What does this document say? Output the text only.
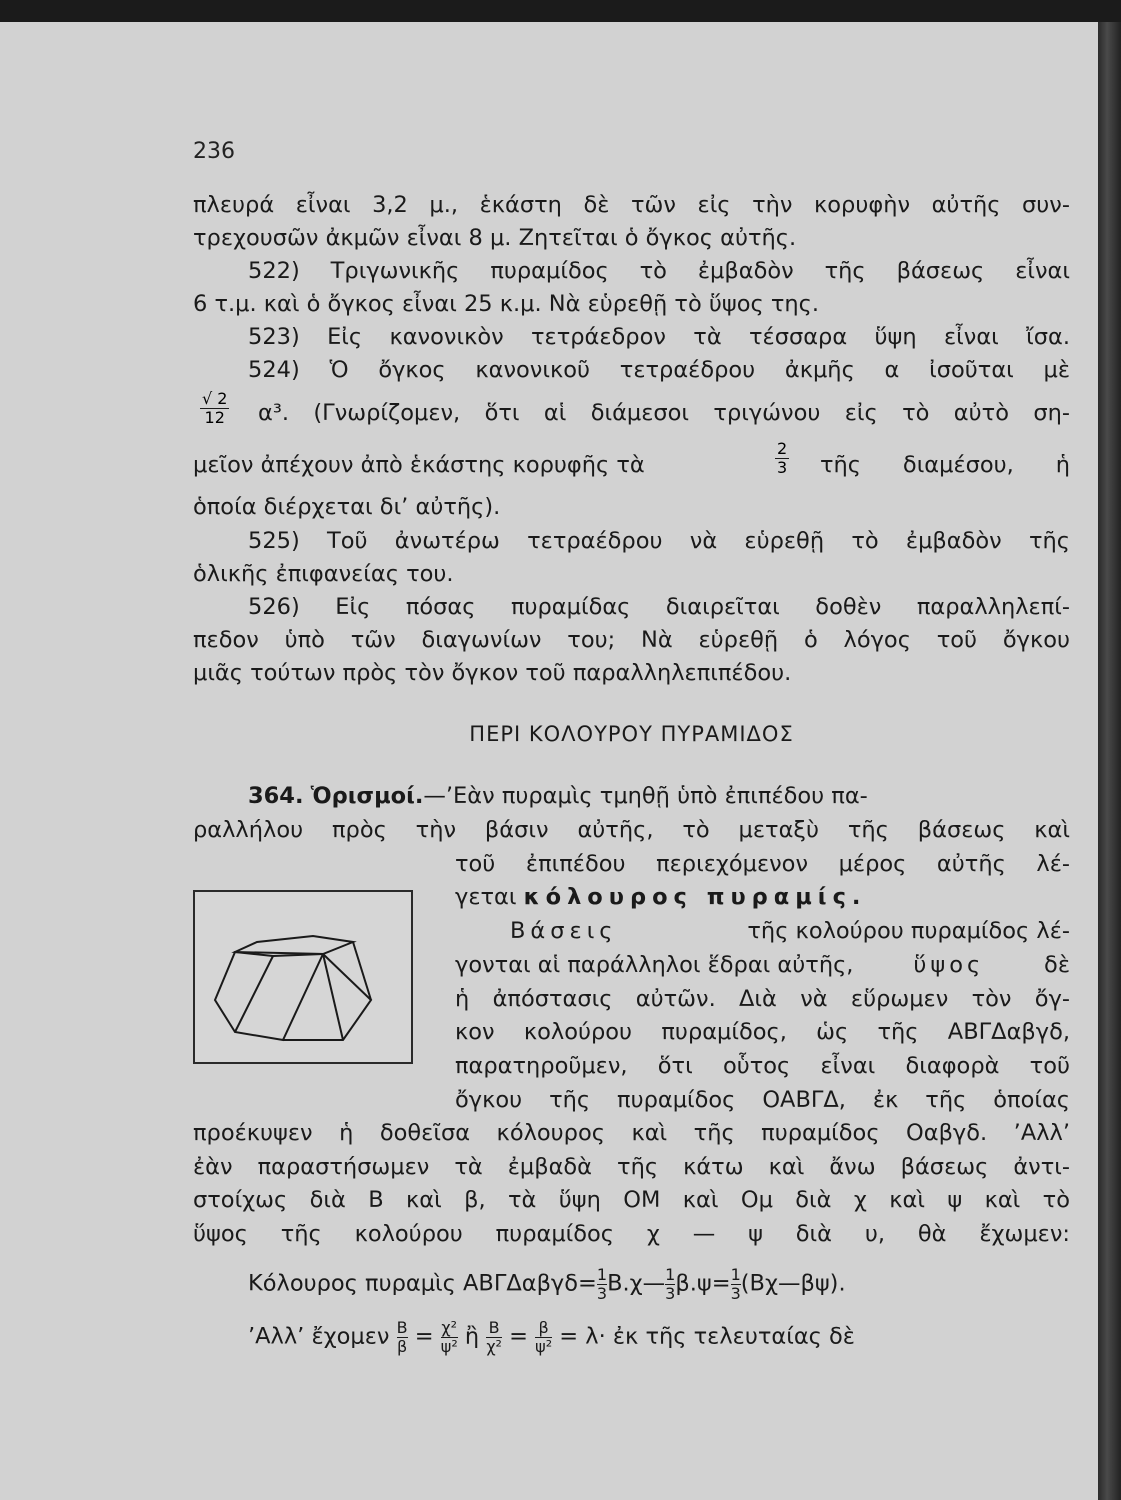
236
πλευρά εἶναι 3,2 μ., ἑκάστη δὲ τῶν εἰς τὴν κορυφὴν αὐτῆς συν-
τρεχουσῶν ἀκμῶν εἶναι 8 μ. Ζητεῖται ὁ ὄγκος αὐτῆς.
522) Τριγωνικῆς πυραμίδος τὸ ἐμβαδὸν τῆς βάσεως εἶναι
6 τ.μ. καὶ ὁ ὄγκος εἶναι 25 κ.μ. Νὰ εὑρεθῇ τὸ ὕψος της.
523) Εἰς κανονικὸν τετράεδρον τὰ τέσσαρα ὕψη εἶναι ἴσα.
524) Ὁ ὄγκος κανονικοῦ τετραέδρου ἀκμῆς α ἰσοῦται μὲ
$\frac{√ 2}{12} \alpha^3$. (Γνωρίζομεν, ὅτι αἱ διάμεσοι τριγώνου εἰς τὸ αὐτὸ ση-
μεῖον ἀπέχουν ἀπὸ ἑκάστης κορυφῆς τὰ	$\frac{2}{3}$ τῆς διαμέσου, ἡ
ὁποία διέρχεται δι’ αὐτῆς).
525) Τοῦ ἀνωτέρω τετραέδρου νὰ εὑρεθῇ τὸ ἐμβαδὸν τῆς
ὁλικῆς ἐπιφανείας του.
526) Εἰς πόσας πυραμίδας διαιρεῖται δοθὲν παραλληλεπί-
πεδον ὑπὸ τῶν διαγωνίων του; Νὰ εὑρεθῇ ὁ λόγος τοῦ ὄγκου
μιᾶς τούτων πρὸς τὸν ὄγκον τοῦ παραλληλεπιπέδου.
ΠΕΡΙ ΚΟΛΟΥΡΟΥ ΠΥΡΑΜΙΔΟΣ
364. Ὁρισμοί.—’Εὰν πυραμὶς τμηθῇ ὑπὸ ἐπιπέδου πα-
ραλλήλου πρὸς τὴν βάσιν αὐτῆς, τὸ μεταξὺ τῆς βάσεως καὶ
τοῦ ἐπιπέδου περιεχόμενον μέρος αὐτῆς λέ-
γεται κόλουρος πυραμίς.
Βάσεις	τῆς κολούρου πυραμίδος λέ-
γονται αἱ παράλληλοι ἕδραι αὐτῆς,	ὕψος	δὲ
ἡ ἀπόστασις αὐτῶν. Διὰ νὰ εὕρωμεν τὸν ὄγ-
κον κολούρου πυραμίδος, ὡς τῆς ΑΒΓΔαβγδ,
παρατηροῦμεν, ὅτι οὗτος εἶναι διαφορὰ τοῦ
ὄγκου τῆς πυραμίδος ΟΑΒΓΔ, ἐκ τῆς ὁποίας
προέκυψεν ἡ δοθεῖσα κόλουρος καὶ τῆς πυραμίδος Οαβγδ. ’Αλλ’
ἐὰν παραστήσωμεν τὰ ἐμβαδὰ τῆς κάτω καὶ ἄνω βάσεως ἀντι-
στοίχως διὰ Β καὶ β, τὰ ὕψη ΟΜ καὶ Ομ διὰ χ καὶ ψ καὶ τὸ
ὕψος τῆς κολούρου πυραμίδος χ — ψ διὰ υ, θὰ ἔχωμεν:
Κόλουρος πυραμὶς $AB\Gamma\Delta\alpha\beta\gamma\delta= \frac{1}{3}$ Β.χ— $\frac{1}{3} \beta.\psi= \frac{1}{3}$ (Βχ—βψ).
’Αλλ’ ἔχομεν $\frac{B}{\beta} = \frac{\text{χ²}}{\text{ψ²}}$ ἢ $\frac{B}{\text{χ²}} = \frac{\beta}{\text{ψ²}} = \lambda\cdot$ ἐκ τῆς τελευταίας δὲ
